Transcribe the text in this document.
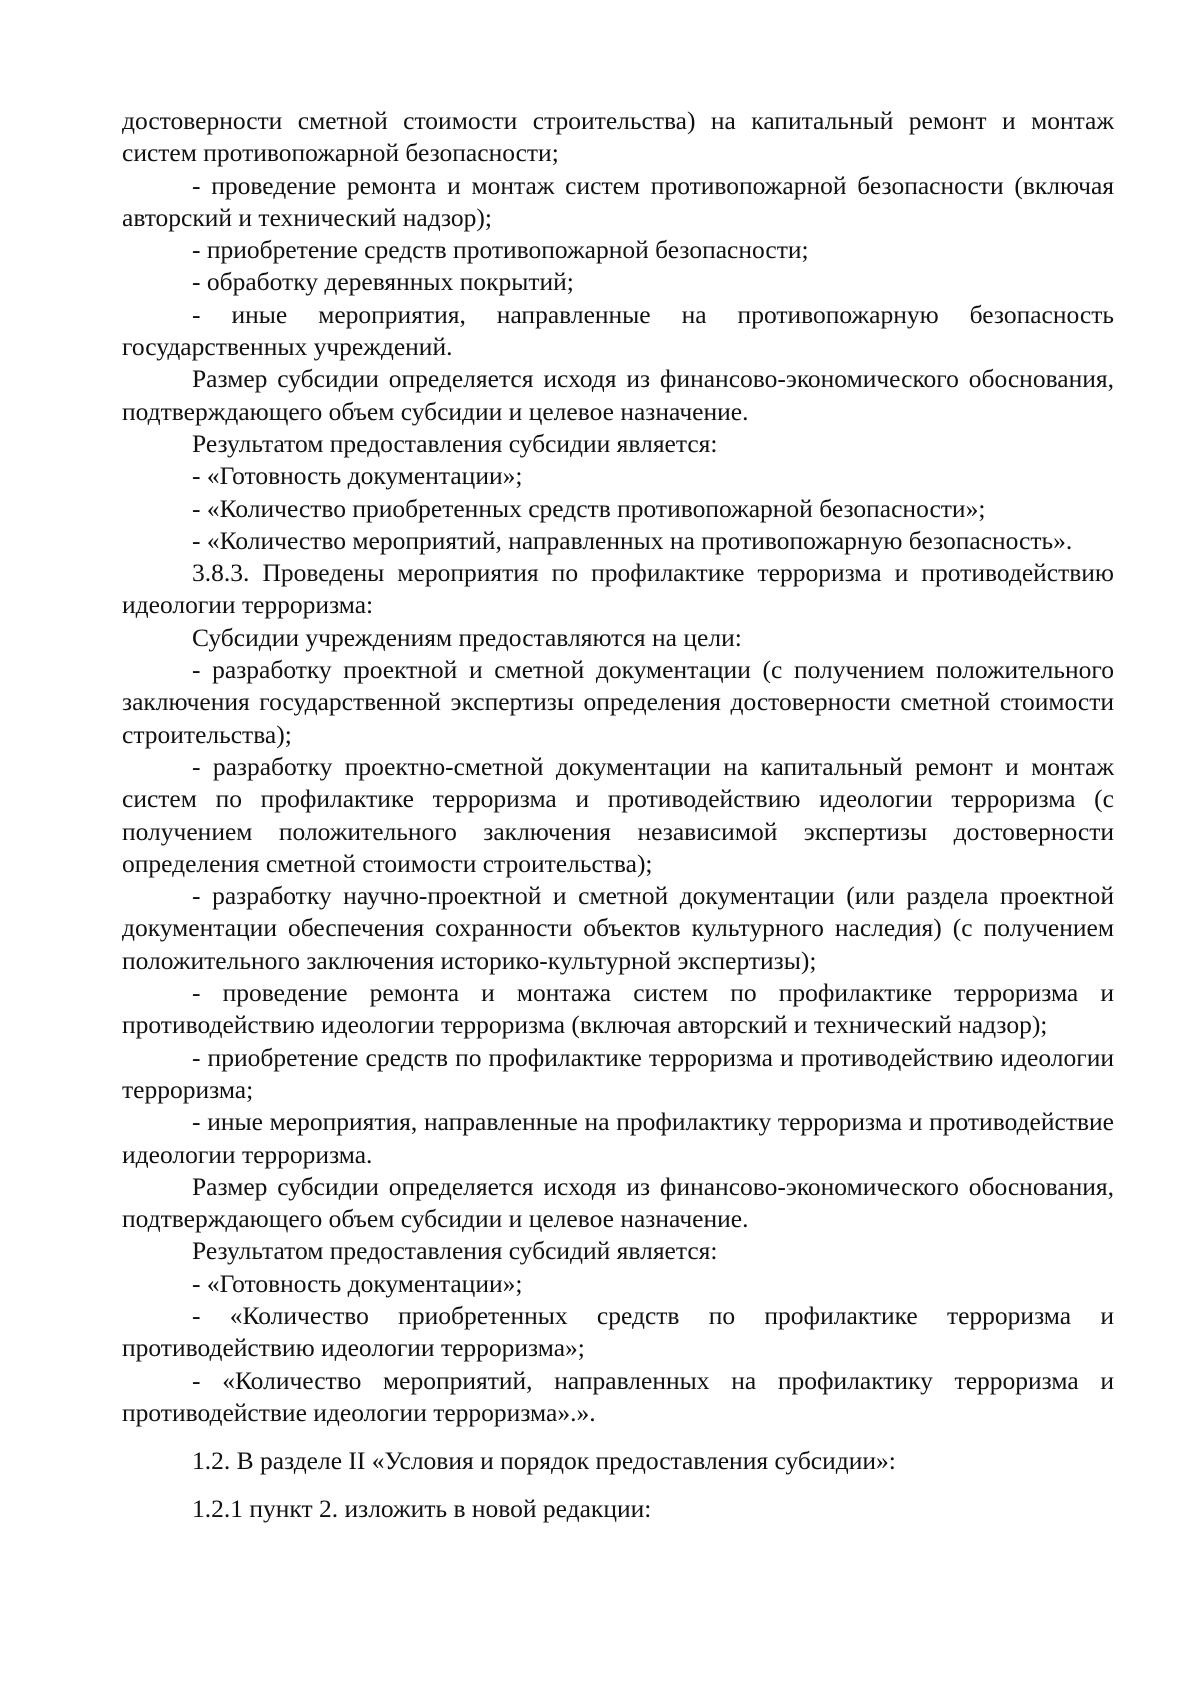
достоверности сметной стоимости строительства) на капитальный ремонт и монтаж систем противопожарной безопасности;

- проведение ремонта и монтаж систем противопожарной безопасности (включая авторский и технический надзор);

- приобретение средств противопожарной безопасности;

- обработку деревянных покрытий;

- иные мероприятия, направленные на противопожарную безопасность государственных учреждений.

Размер субсидии определяется исходя из финансово-экономического обоснования, подтверждающего объем субсидии и целевое назначение.

Результатом предоставления субсидии является:

- «Готовность документации»;

- «Количество приобретенных средств противопожарной безопасности»;

- «Количество мероприятий, направленных на противопожарную безопасность».

3.8.3. Проведены мероприятия по профилактике терроризма и противодействию идеологии терроризма:

Субсидии учреждениям предоставляются на цели:

- разработку проектной и сметной документации (с получением положительного заключения государственной экспертизы определения достоверности сметной стоимости строительства);

- разработку проектно-сметной документации на капитальный ремонт и монтаж систем по профилактике терроризма и противодействию идеологии терроризма (с получением положительного заключения независимой экспертизы достоверности определения сметной стоимости строительства);

- разработку научно-проектной и сметной документации (или раздела проектной документации обеспечения сохранности объектов культурного наследия) (с получением положительного заключения историко-культурной экспертизы);

- проведение ремонта и монтажа систем по профилактике терроризма и противодействию идеологии терроризма (включая авторский и технический надзор);

- приобретение средств по профилактике терроризма и противодействию идеологии терроризма;

- иные мероприятия, направленные на профилактику терроризма и противодействие идеологии терроризма.

Размер субсидии определяется исходя из финансово-экономического обоснования, подтверждающего объем субсидии и целевое назначение.

Результатом предоставления субсидий является:

- «Готовность документации»;

- «Количество приобретенных средств по профилактике терроризма и противодействию идеологии терроризма»;

- «Количество мероприятий, направленных на профилактику терроризма и противодействие идеологии терроризма».».

1.2. В разделе II «Условия и порядок предоставления субсидии»:

1.2.1 пункт 2. изложить в новой редакции:
